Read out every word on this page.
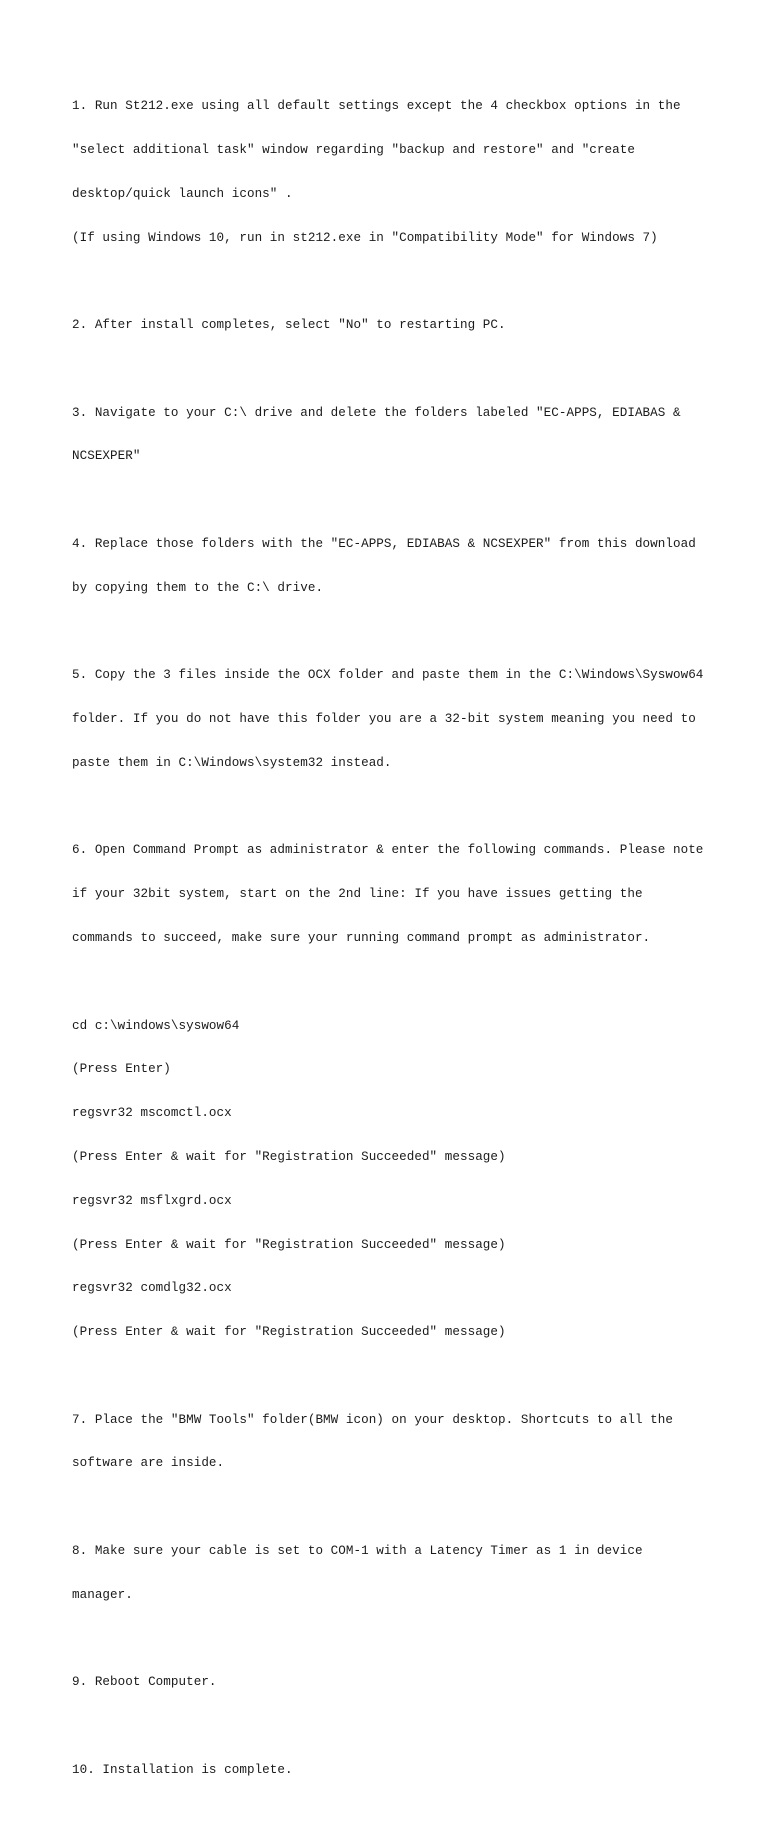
1. Run St212.exe using all default settings except the 4 checkbox options in the

"select additional task" window regarding "backup and restore" and "create

desktop/quick launch icons" .

(If using Windows 10, run in st212.exe in "Compatibility Mode" for Windows 7)

2. After install completes, select "No" to restarting PC.

3. Navigate to your C:\ drive and delete the folders labeled "EC-APPS, EDIABAS &

NCSEXPER"

4. Replace those folders with the "EC-APPS, EDIABAS & NCSEXPER" from this download

by copying them to the C:\ drive.

5. Copy the 3 files inside the OCX folder and paste them in the C:\Windows\Syswow64

folder. If you do not have this folder you are a 32-bit system meaning you need to

paste them in C:\Windows\system32 instead.

6. Open Command Prompt as administrator & enter the following commands. Please note

if your 32bit system, start on the 2nd line: If you have issues getting the

commands to succeed, make sure your running command prompt as administrator.

cd c:\windows\syswow64

(Press Enter)

regsvr32 mscomctl.ocx

(Press Enter & wait for "Registration Succeeded" message)

regsvr32 msflxgrd.ocx

(Press Enter & wait for "Registration Succeeded" message)

regsvr32 comdlg32.ocx

(Press Enter & wait for "Registration Succeeded" message)

7. Place the "BMW Tools" folder(BMW icon) on your desktop. Shortcuts to all the

software are inside.

8. Make sure your cable is set to COM-1 with a Latency Timer as 1 in device

manager.

9. Reboot Computer.

10. Installation is complete.
